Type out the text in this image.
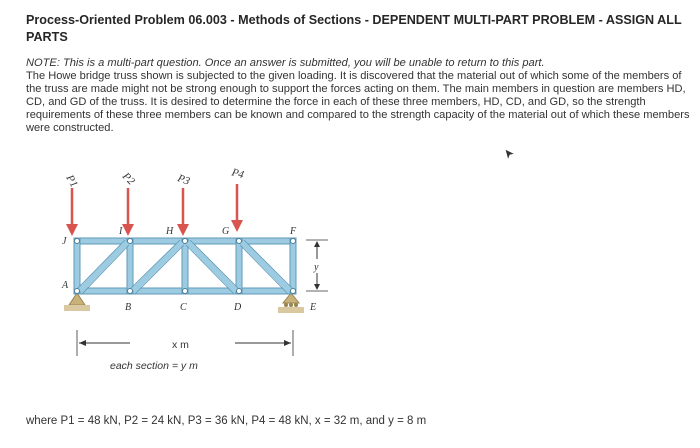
Process-Oriented Problem 06.003 - Methods of Sections - DEPENDENT MULTI-PART PROBLEM - ASSIGN ALL PARTS
NOTE: This is a multi-part question. Once an answer is submitted, you will be unable to return to this part.
The Howe bridge truss shown is subjected to the given loading. It is discovered that the material out of which some of the members of the truss are made might not be strong enough to support the forces acting on them. The main members in question are members HD, CD, and GD of the truss. It is desired to determine the force in each of these three members, HD, CD, and GD, so the strength requirements of these three members can be known and compared to the strength capacity of the material out of which these members were constructed.
P1	P2	P3	P4
J
I	H	G	F
A
B	C	D	E
y
x m
each section = y m
where P1 = 48 kN, P2 = 24 kN, P3 = 36 kN, P4 = 48 kN, x = 32 m, and y = 8 m
